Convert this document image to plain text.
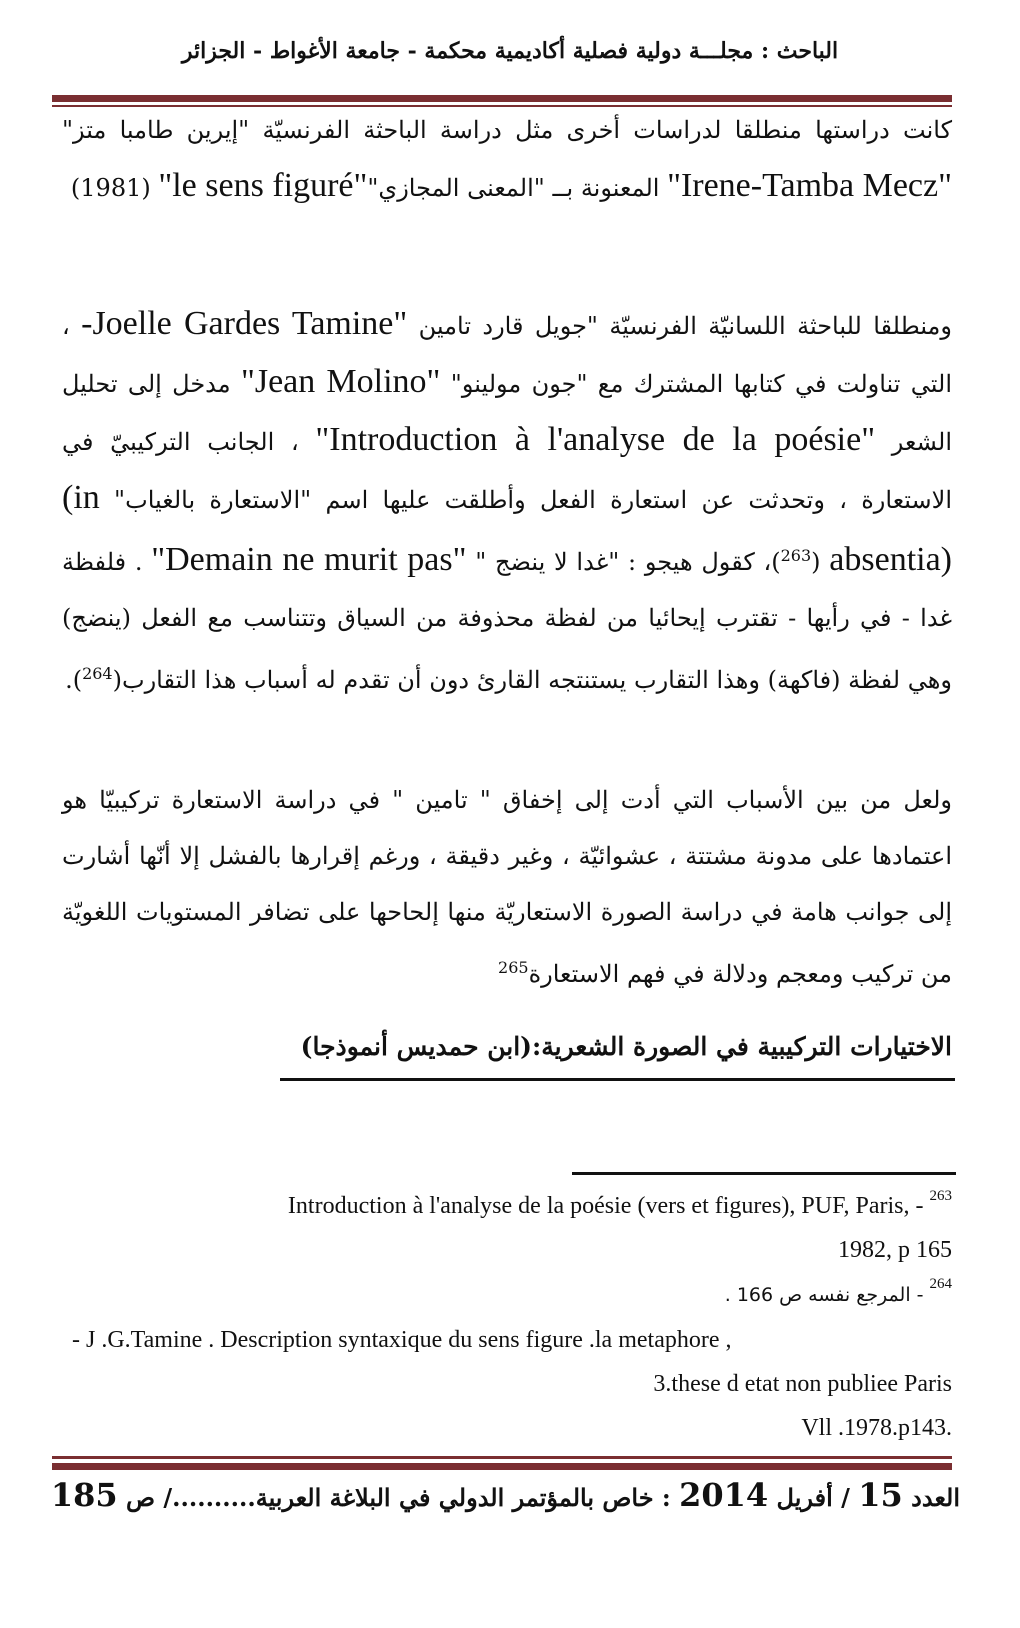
الباحث : مجلـــة دولية فصلية أكاديمية محكمة - جامعة الأغواط - الجزائر
كانت دراستها منطلقا لدراسات أخرى مثل دراسة الباحثة الفرنسيّة "إيرين طامبا متز" "Irene-Tamba Mecz" المعنونة بــ "المعنى المجازي""le sens figuré" (1981)
ومنطلقا للباحثة اللسانيّة الفرنسيّة "جويل قارد تامين -Joelle Gardes Tamine" ، التي تناولت في كتابها المشترك مع "جون مولينو" "Jean Molino" مدخل إلى تحليل الشعر "Introduction à l'analyse de la poésie" ، الجانب التركيبيّ في الاستعارة ، وتحدثت عن استعارة الفعل وأطلقت عليها اسم "الاستعارة بالغياب" (in absentia) ($^{263}$)، كقول هيجو : "غدا لا ينضج " "Demain ne murit pas" . فلفظة غدا - في رأيها - تقترب إيحائيا من لفظة محذوفة من السياق وتتناسب مع الفعل (ينضج) وهي لفظة (فاكهة) وهذا التقارب يستنتجه القارئ دون أن تقدم له أسباب هذا التقارب($^{264}$).
ولعل من بين الأسباب التي أدت إلى إخفاق " تامين " في دراسة الاستعارة تركيبيّا هو اعتمادها على مدونة مشتتة ، عشوائيّة ، وغير دقيقة ، ورغم إقرارها بالفشل إلا أنّها أشارت إلى جوانب هامة في دراسة الصورة الاستعاريّة منها إلحاحها على تضافر المستويات اللغويّة من تركيب ومعجم ودلالة في فهم الاستعارة$^{265}$
الاختيارات التركيبية في الصورة الشعرية:(ابن حمديس أنموذجا)
Introduction à l'analyse de la poésie (vers et figures), PUF, Paris, - $^{263}$
1982, p 165
- المرجع نفسه ص 166 . $^{264}$
- J .G.Tamine . Description syntaxique du sens figure .la metaphore ,
3.these d etat non publiee Paris
Vll .1978.p143.
العدد 15 / أفريل 2014 : خاص بالمؤتمر الدولي في البلاغة العربية........../ ص 185
